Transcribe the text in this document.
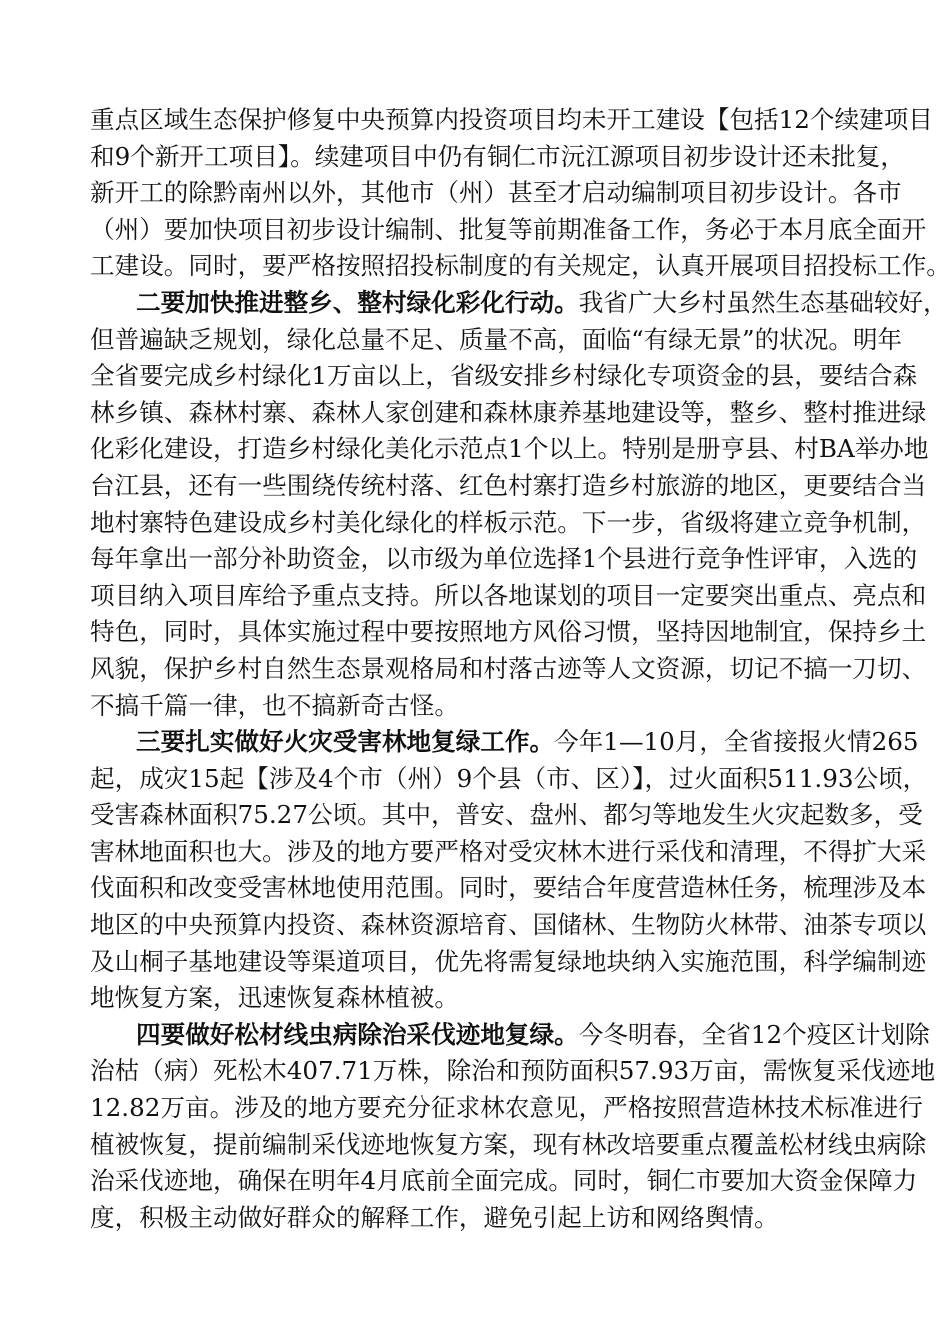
重点区域生态保护修复中央预算内投资项目均未开工建设【包括12个续建项目
和9个新开工项目】。续建项目中仍有铜仁市沅江源项目初步设计还未批复，
新开工的除黔南州以外，其他市（州）甚至才启动编制项目初步设计。各市
（州）要加快项目初步设计编制、批复等前期准备工作，务必于本月底全面开
工建设。同时，要严格按照招投标制度的有关规定，认真开展项目招投标工作。
二要加快推进整乡、整村绿化彩化行动。我省广大乡村虽然生态基础较好，
但普遍缺乏规划，绿化总量不足、质量不高，面临“有绿无景”的状况。明年
全省要完成乡村绿化1万亩以上，省级安排乡村绿化专项资金的县，要结合森
林乡镇、森林村寨、森林人家创建和森林康养基地建设等，整乡、整村推进绿
化彩化建设，打造乡村绿化美化示范点1个以上。特别是册亨县、村BA举办地
台江县，还有一些围绕传统村落、红色村寨打造乡村旅游的地区，更要结合当
地村寨特色建设成乡村美化绿化的样板示范。下一步，省级将建立竞争机制，
每年拿出一部分补助资金，以市级为单位选择1个县进行竞争性评审，入选的
项目纳入项目库给予重点支持。所以各地谋划的项目一定要突出重点、亮点和
特色，同时，具体实施过程中要按照地方风俗习惯，坚持因地制宜，保持乡土
风貌，保护乡村自然生态景观格局和村落古迹等人文资源，切记不搞一刀切、
不搞千篇一律，也不搞新奇古怪。
三要扎实做好火灾受害林地复绿工作。今年1—10月，全省接报火情265
起，成灾15起【涉及4个市（州）9个县（市、区）】，过火面积511.93公顷，
受害森林面积75.27公顷。其中，普安、盘州、都匀等地发生火灾起数多，受
害林地面积也大。涉及的地方要严格对受灾林木进行采伐和清理，不得扩大采
伐面积和改变受害林地使用范围。同时，要结合年度营造林任务，梳理涉及本
地区的中央预算内投资、森林资源培育、国储林、生物防火林带、油茶专项以
及山桐子基地建设等渠道项目，优先将需复绿地块纳入实施范围，科学编制迹
地恢复方案，迅速恢复森林植被。
四要做好松材线虫病除治采伐迹地复绿。今冬明春，全省12个疫区计划除
治枯（病）死松木407.71万株，除治和预防面积57.93万亩，需恢复采伐迹地
12.82万亩。涉及的地方要充分征求林农意见，严格按照营造林技术标准进行
植被恢复，提前编制采伐迹地恢复方案，现有林改培要重点覆盖松材线虫病除
治采伐迹地，确保在明年4月底前全面完成。同时，铜仁市要加大资金保障力
度，积极主动做好群众的解释工作，避免引起上访和网络舆情。
